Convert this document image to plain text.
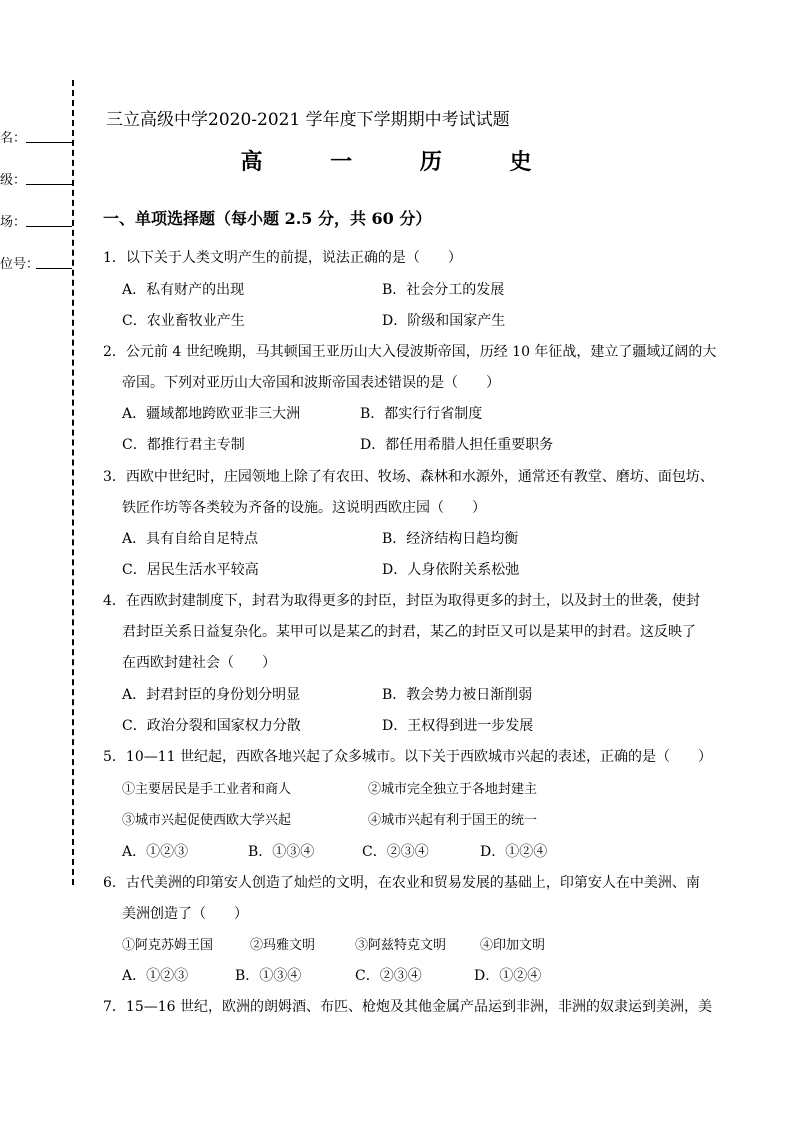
名：
级：
场：
位号：
三立高级中学2020-2021 学年度下学期期中考试试题
高 一 历 史
一、单项选择题（每小题 2.5 分，共 60 分）
1．以下关于人类文明产生的前提，说法正确的是（　　）
A．私有财产的出现	B．社会分工的发展
C．农业畜牧业产生	D．阶级和国家产生
2．公元前 4 世纪晚期，马其顿国王亚历山大入侵波斯帝国，历经 10 年征战，建立了疆域辽阔的大
帝国。下列对亚历山大帝国和波斯帝国表述错误的是（　　）
A．疆域都地跨欧亚非三大洲	B．都实行行省制度
C．都推行君主专制	D．都任用希腊人担任重要职务
3．西欧中世纪时，庄园领地上除了有农田、牧场、森林和水源外，通常还有教堂、磨坊、面包坊、
铁匠作坊等各类较为齐备的设施。这说明西欧庄园（　　）
A．具有自给自足特点	B．经济结构日趋均衡
C．居民生活水平较高	D．人身依附关系松弛
4．在西欧封建制度下，封君为取得更多的封臣，封臣为取得更多的封土，以及封土的世袭，使封
君封臣关系日益复杂化。某甲可以是某乙的封君，某乙的封臣又可以是某甲的封君。这反映了
在西欧封建社会（　　）
A．封君封臣的身份划分明显	B．教会势力被日渐削弱
C．政治分裂和国家权力分散	D．王权得到进一步发展
5．10—11 世纪起，西欧各地兴起了众多城市。以下关于西欧城市兴起的表述，正确的是（　　）
①主要居民是手工业者和商人	②城市完全独立于各地封建主
③城市兴起促使西欧大学兴起	④城市兴起有利于国王的统一
A．①②③	B．①③④	C．②③④	D．①②④
6．古代美洲的印第安人创造了灿烂的文明，在农业和贸易发展的基础上，印第安人在中美洲、南
美洲创造了（　　）
①阿克苏姆王国	②玛雅文明	③阿兹特克文明	④印加文明
A．①②③	B．①③④	C．②③④	D．①②④
7．15—16 世纪，欧洲的朗姆酒、布匹、枪炮及其他金属产品运到非洲，非洲的奴隶运到美洲，美
